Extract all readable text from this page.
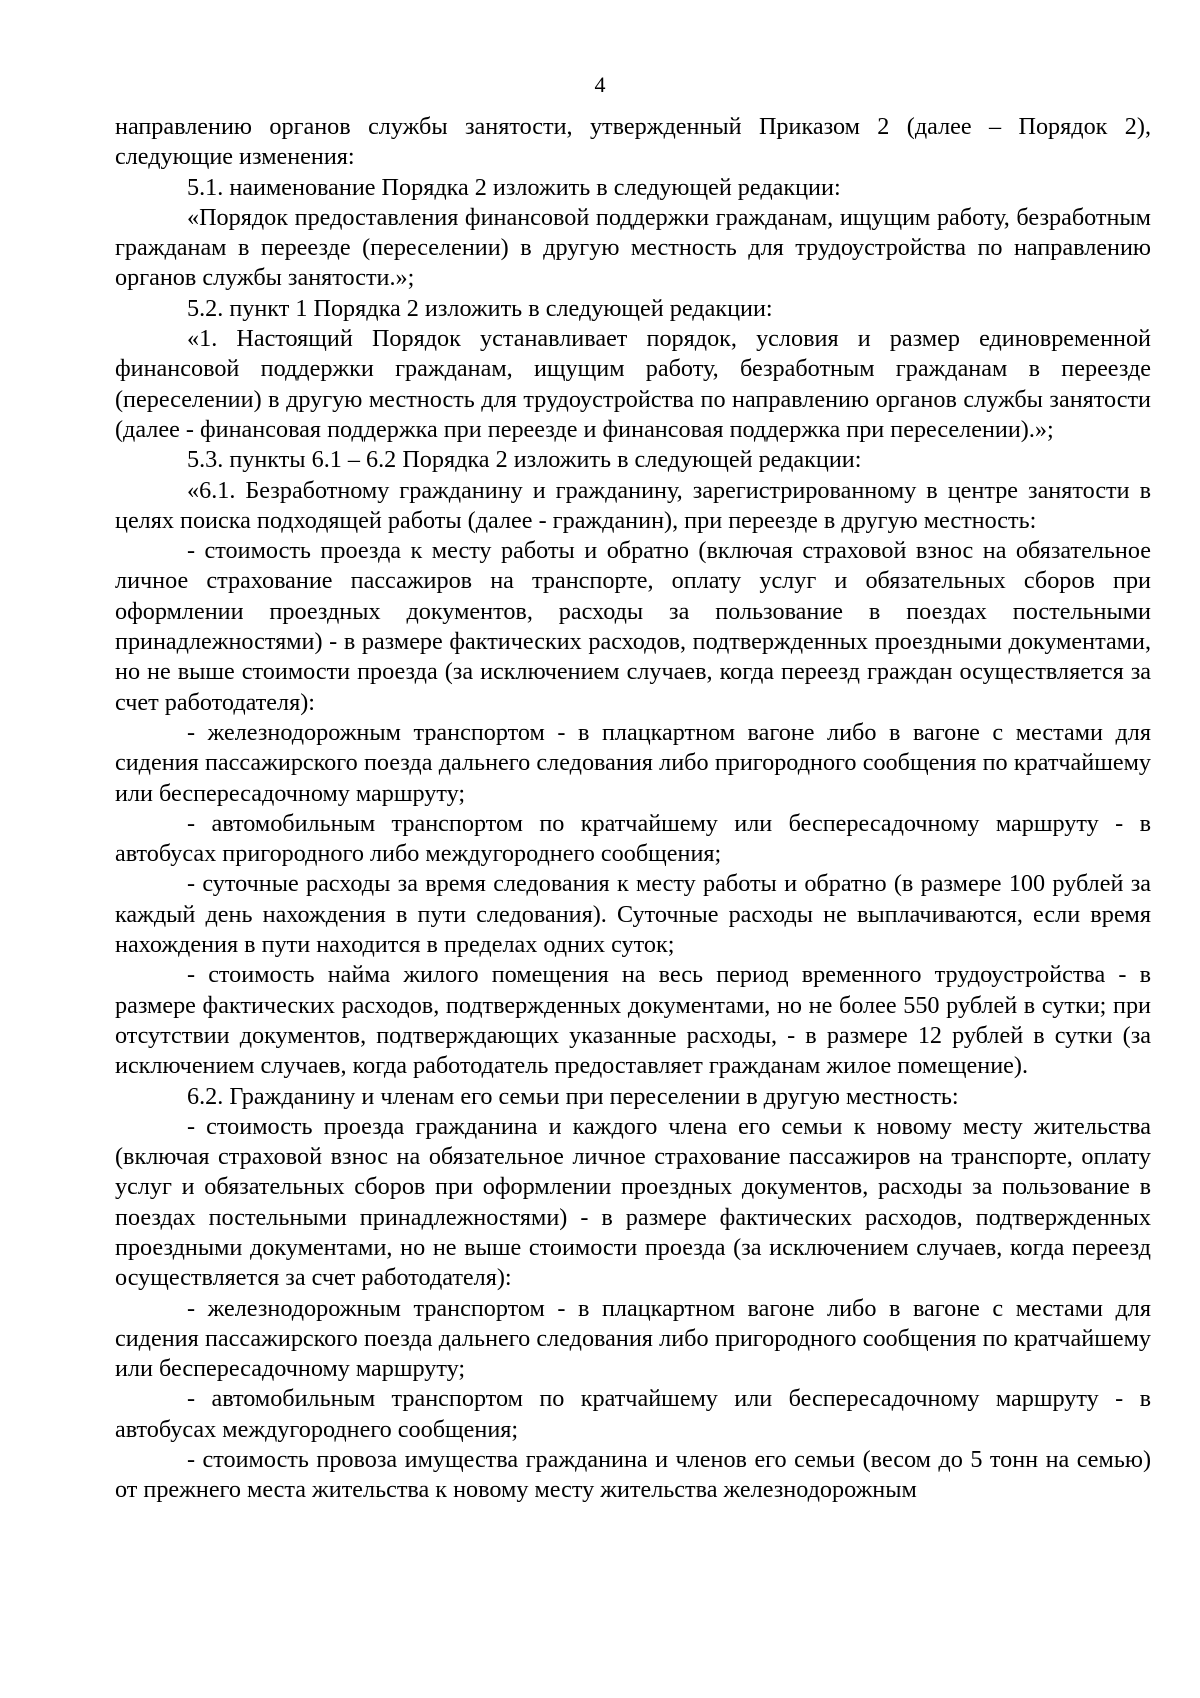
4

направлению органов службы занятости, утвержденный Приказом 2 (далее – Порядок 2), следующие изменения:

5.1. наименование Порядка 2 изложить в следующей редакции:

«Порядок предоставления финансовой поддержки гражданам, ищущим работу, безработным гражданам в переезде (переселении) в другую местность для трудоустройства по направлению органов службы занятости.»;

5.2. пункт 1 Порядка 2 изложить в следующей редакции:

«1. Настоящий Порядок устанавливает порядок, условия и размер единовременной финансовой поддержки гражданам, ищущим работу, безработным гражданам в переезде (переселении) в другую местность для трудоустройства по направлению органов службы занятости (далее - финансовая поддержка при переезде и финансовая поддержка при переселении).»;

5.3. пункты 6.1 – 6.2 Порядка 2 изложить в следующей редакции:

«6.1. Безработному гражданину и гражданину, зарегистрированному в центре занятости в целях поиска подходящей работы (далее - гражданин), при переезде в другую местность:

- стоимость проезда к месту работы и обратно (включая страховой взнос на обязательное личное страхование пассажиров на транспорте, оплату услуг и обязательных сборов при оформлении проездных документов, расходы за пользование в поездах постельными принадлежностями) - в размере фактических расходов, подтвержденных проездными документами, но не выше стоимости проезда (за исключением случаев, когда переезд граждан осуществляется за счет работодателя):

- железнодорожным транспортом - в плацкартном вагоне либо в вагоне с местами для сидения пассажирского поезда дальнего следования либо пригородного сообщения по кратчайшему или беспересадочному маршруту;

- автомобильным транспортом по кратчайшему или беспересадочному маршруту - в автобусах пригородного либо междугороднего сообщения;

- суточные расходы за время следования к месту работы и обратно (в размере 100 рублей за каждый день нахождения в пути следования). Суточные расходы не выплачиваются, если время нахождения в пути находится в пределах одних суток;

- стоимость найма жилого помещения на весь период временного трудоустройства - в размере фактических расходов, подтвержденных документами, но не более 550 рублей в сутки; при отсутствии документов, подтверждающих указанные расходы, - в размере 12 рублей в сутки (за исключением случаев, когда работодатель предоставляет гражданам жилое помещение).

6.2. Гражданину и членам его семьи при переселении в другую местность:

- стоимость проезда гражданина и каждого члена его семьи к новому месту жительства (включая страховой взнос на обязательное личное страхование пассажиров на транспорте, оплату услуг и обязательных сборов при оформлении проездных документов, расходы за пользование в поездах постельными принадлежностями) - в размере фактических расходов, подтвержденных проездными документами, но не выше стоимости проезда (за исключением случаев, когда переезд осуществляется за счет работодателя):

- железнодорожным транспортом - в плацкартном вагоне либо в вагоне с местами для сидения пассажирского поезда дальнего следования либо пригородного сообщения по кратчайшему или беспересадочному маршруту;

- автомобильным транспортом по кратчайшему или беспересадочному маршруту - в автобусах междугороднего сообщения;

- стоимость провоза имущества гражданина и членов его семьи (весом до 5 тонн на семью) от прежнего места жительства к новому месту жительства железнодорожным
